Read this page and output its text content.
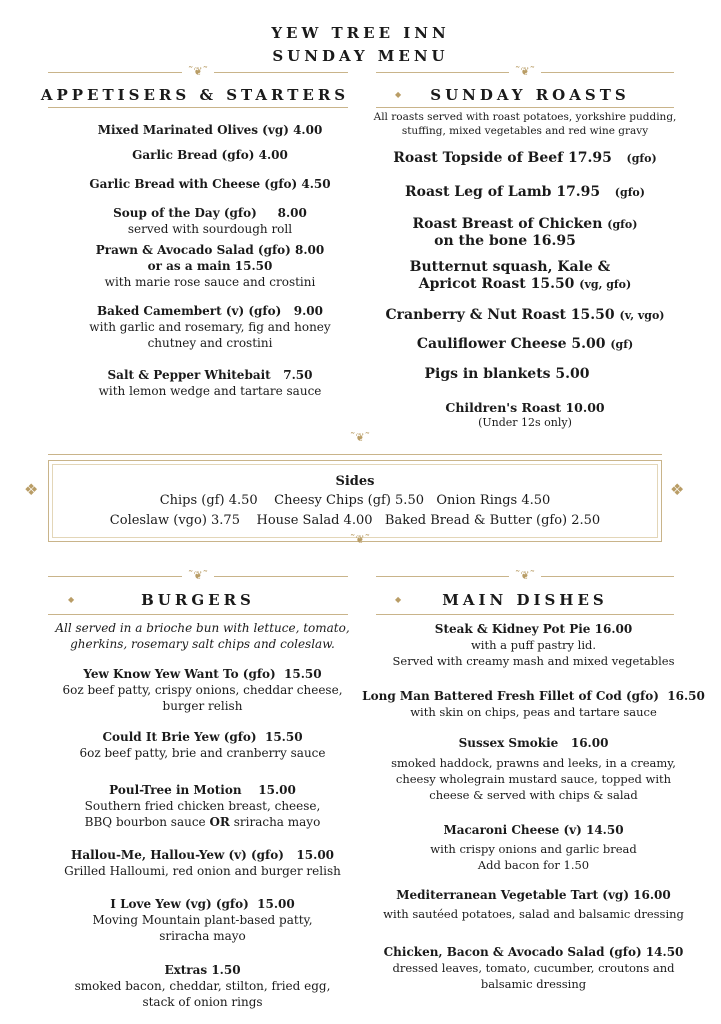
YEW TREE INN
SUNDAY MENU
˜❦˜	˜❦˜
APPETISERS & STARTERS	◆	SUNDAY ROASTS
Mixed Marinated Olives (vg) 4.00
Garlic Bread (gfo) 4.00
Garlic Bread with Cheese (gfo) 4.50
Soup of the Day (gfo)     8.00
served with sourdough roll
Prawn & Avocado Salad (gfo) 8.00
or as a main 15.50
with marie rose sauce and crostini
Baked Camembert (v) (gfo)   9.00
with garlic and rosemary, fig and honey
chutney and crostini
Salt & Pepper Whitebait   7.50
with lemon wedge and tartare sauce
All roasts served with roast potatoes, yorkshire pudding,
stuffing, mixed vegetables and red wine gravy
Roast Topside of Beef 17.95 (gfo)
Roast Leg of Lamb 17.95 (gfo)
Roast Breast of Chicken (gfo)
on the bone 16.95
Butternut squash, Kale &
Apricot Roast 15.50 (vg, gfo)
Cranberry & Nut Roast 15.50 (v, vgo)
Cauliflower Cheese 5.00 (gf)
Pigs in blankets 5.00
Children's Roast 10.00
(Under 12s only)
˜❦˜
❖	❖
Sides
Chips (gf) 4.50    Cheesy Chips (gf) 5.50   Onion Rings 4.50
Coleslaw (vgo) 3.75    House Salad 4.00   Baked Bread & Butter (gfo) 2.50
˜❦˜
˜❦˜	˜❦˜
◆	BURGERS	◆	MAIN DISHES
All served in a brioche bun with lettuce, tomato,
gherkins, rosemary salt chips and coleslaw.
Yew Know Yew Want To (gfo)  15.50
6oz beef patty, crispy onions, cheddar cheese,
burger relish
Could It Brie Yew (gfo)  15.50
6oz beef patty, brie and cranberry sauce
Poul-Tree in Motion    15.00
Southern fried chicken breast, cheese,
BBQ bourbon sauce OR sriracha mayo
Hallou-Me, Hallou-Yew (v) (gfo)   15.00
Grilled Halloumi, red onion and burger relish
I Love Yew (vg) (gfo)  15.00
Moving Mountain plant-based patty,
sriracha mayo
Extras 1.50
smoked bacon, cheddar, stilton, fried egg,
stack of onion rings
Steak & Kidney Pot Pie 16.00
with a puff pastry lid.
Served with creamy mash and mixed vegetables
Long Man Battered Fresh Fillet of Cod (gfo)  16.50
with skin on chips, peas and tartare sauce
Sussex Smokie   16.00
smoked haddock, prawns and leeks, in a creamy,
cheesy wholegrain mustard sauce, topped with
cheese & served with chips & salad
Macaroni Cheese (v) 14.50
with crispy onions and garlic bread
Add bacon for 1.50
Mediterranean Vegetable Tart (vg) 16.00
with sautéed potatoes, salad and balsamic dressing
Chicken, Bacon & Avocado Salad (gfo) 14.50
dressed leaves, tomato, cucumber, croutons and
balsamic dressing
